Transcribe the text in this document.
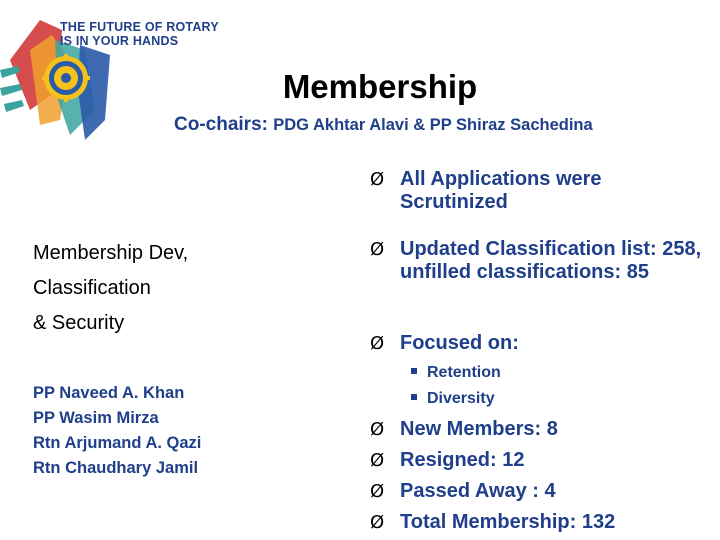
THE FUTURE OF ROTARY
IS IN YOUR HANDS
Membership
Co-chairs: PDG Akhtar Alavi & PP Shiraz Sachedina
Membership Dev,
Classification
& Security
PP Naveed A. Khan
PP Wasim Mirza
Rtn Arjumand A. Qazi
Rtn Chaudhary Jamil
Ø All Applications were Scrutinized
Ø Updated Classification list: 258, unfilled classifications: 85
Ø Focused on:
Retention
Diversity
Ø New Members: 8
Ø Resigned: 12
Ø Passed Away : 4
Ø Total Membership: 132
